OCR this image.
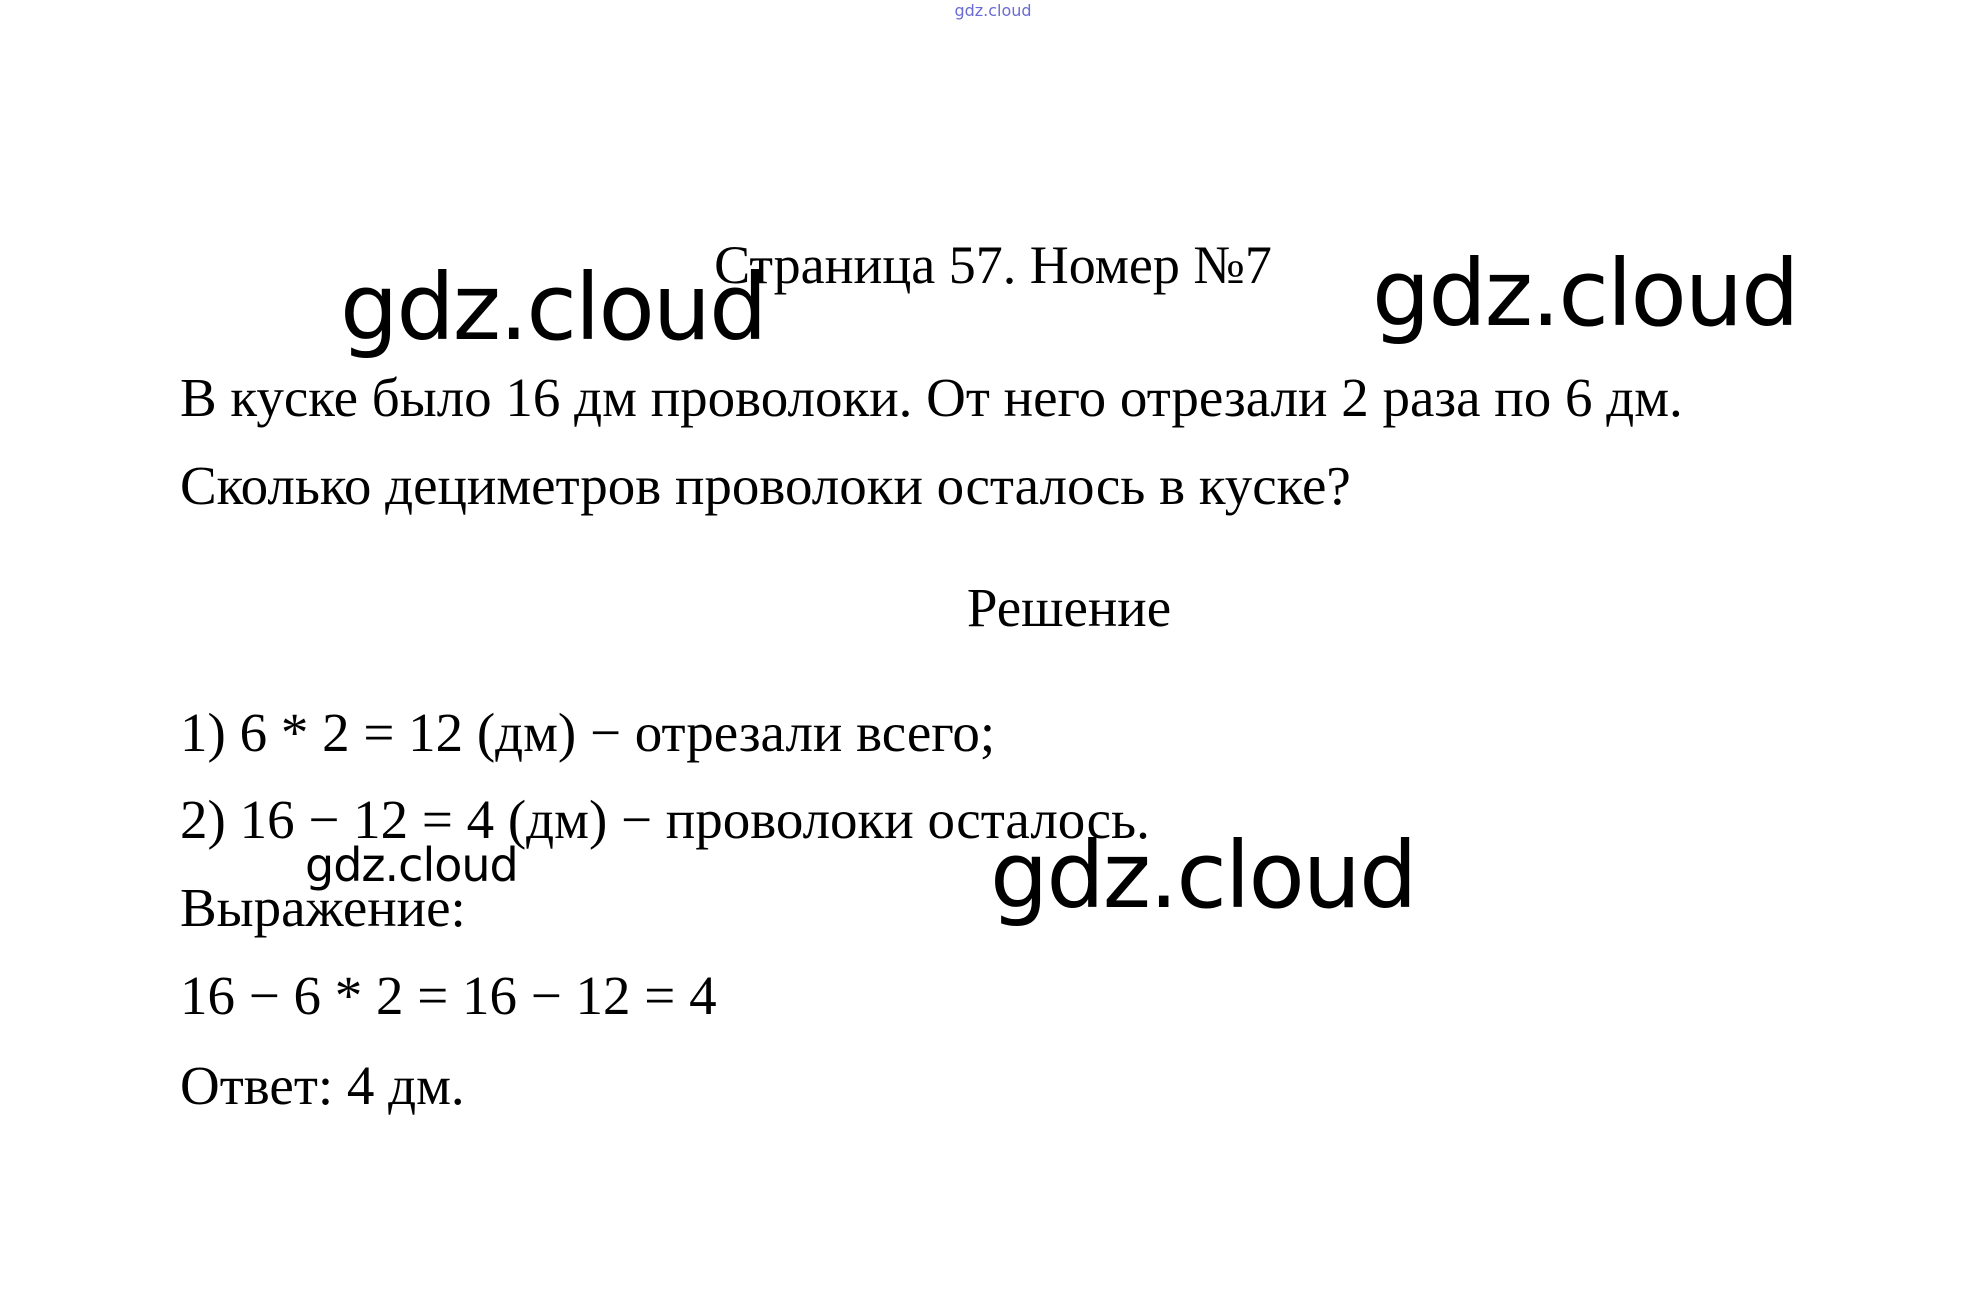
gdz.cloud
Страница 57. Номер №7
В куске было 16 дм проволоки. От него отрезали 2 раза по 6 дм.
Сколько дециметров проволоки осталось в куске?
Решение
1) 6 * 2 = 12 (дм) − отрезали всего;
2) 16 − 12 = 4 (дм) − проволоки осталось.
Выражение:
16 − 6 * 2 = 16 − 12 = 4
Ответ: 4 дм.
gdz.cloud	gdz.cloud
gdz.cloud	gdz.cloud
